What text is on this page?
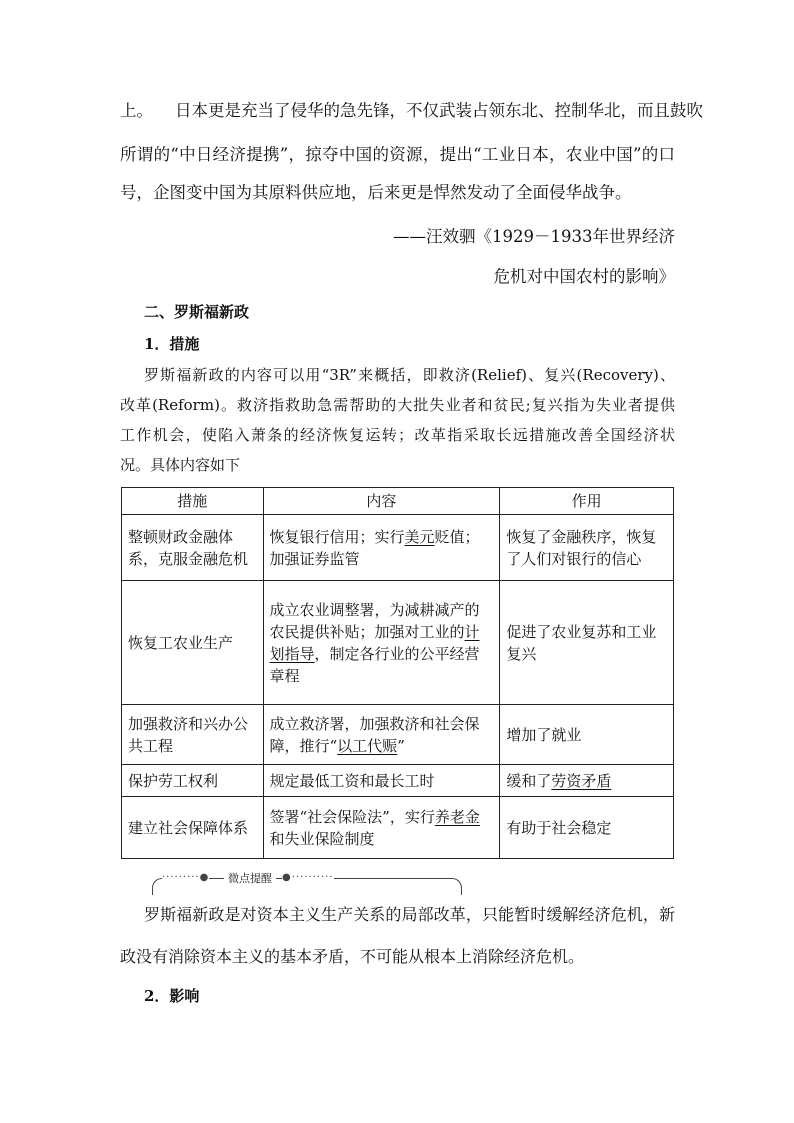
上。 日本更是充当了侵华的急先锋，不仅武装占领东北、控制华北，而且鼓吹
所谓的“中日经济提携”，掠夺中国的资源，提出“工业日本，农业中国”的口
号，企图变中国为其原料供应地，后来更是悍然发动了全面侵华战争。
——汪效驷《1929－1933年世界经济
危机对中国农村的影响》
二、罗斯福新政
1．措施
罗斯福新政的内容可以用“3R”来概括，即救济(Relief)、复兴(Recovery)、
改革(Reform)。救济指救助急需帮助的大批失业者和贫民;复兴指为失业者提供
工作机会，使陷入萧条的经济恢复运转；改革指采取长远措施改善全国经济状
况。具体内容如下
措施	内容	作用
整顿财政金融体系，克服金融危机	恢复银行信用；实行美元贬值；加强证券监管	恢复了金融秩序，恢复了人们对银行的信心
恢复工农业生产	成立农业调整署，为减耕减产的农民提供补贴；加强对工业的计划指导，制定各行业的公平经营章程	促进了农业复苏和工业复兴
加强救济和兴办公共工程	成立救济署，加强救济和社会保障，推行“以工代赈”	增加了就业
保护劳工权利	规定最低工资和最长工时	缓和了劳资矛盾
建立社会保障体系	签署“社会保险法”，实行养老金和失业保险制度	有助于社会稳定
·········●	微点提醒	●··········
罗斯福新政是对资本主义生产关系的局部改革，只能暂时缓解经济危机，新
政没有消除资本主义的基本矛盾，不可能从根本上消除经济危机。
2．影响
